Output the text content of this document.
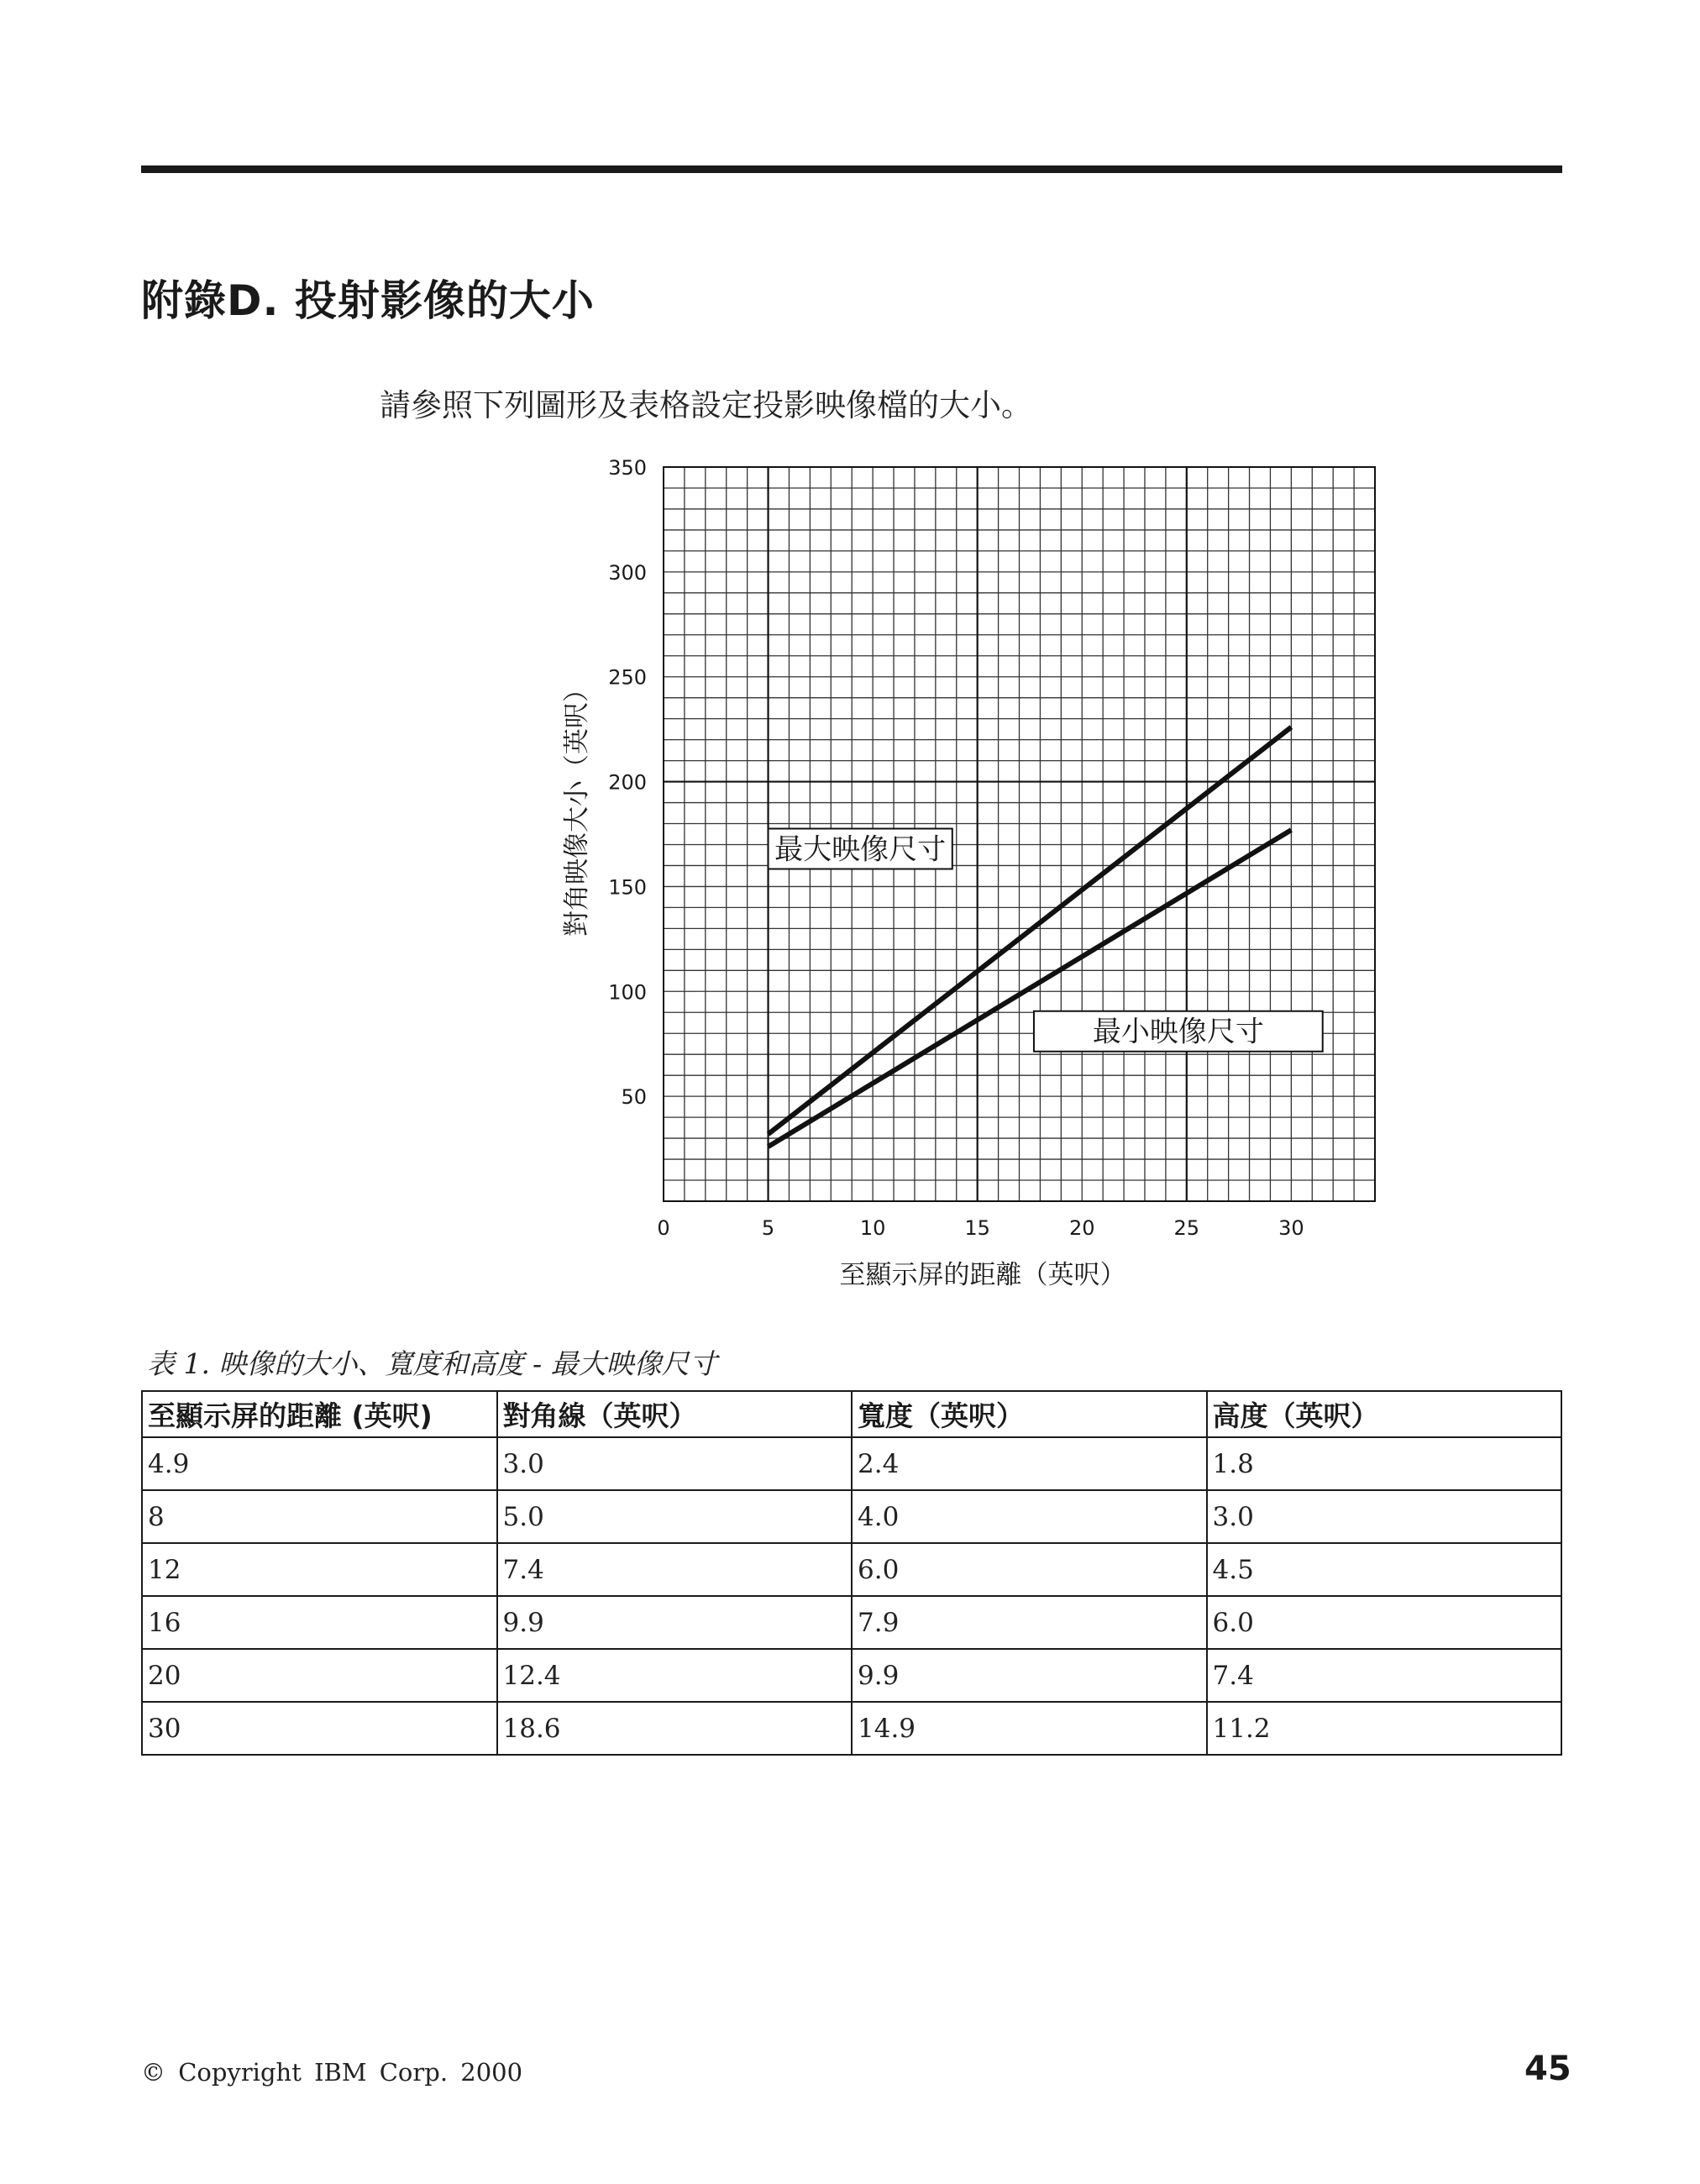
附錄D. 投射影像的大小
請參照下列圖形及表格設定投影映像檔的大小。
0	5	10	15	20	25	30
50
100
150
200
250
300
350
最大映像尺寸
最小映像尺寸
至顯示屏的距離（英呎）
對角映像大小（英呎）
表 1. 映像的大小、寬度和高度 - 最大映像尺寸
至顯示屏的距離 (英呎)	對角線（英呎）	寬度（英呎）	高度（英呎）
4.9	3.0	2.4	1.8
8	5.0	4.0	3.0
12	7.4	6.0	4.5
16	9.9	7.9	6.0
20	12.4	9.9	7.4
30	18.6	14.9	11.2
© Copyright IBM Corp. 2000	45
